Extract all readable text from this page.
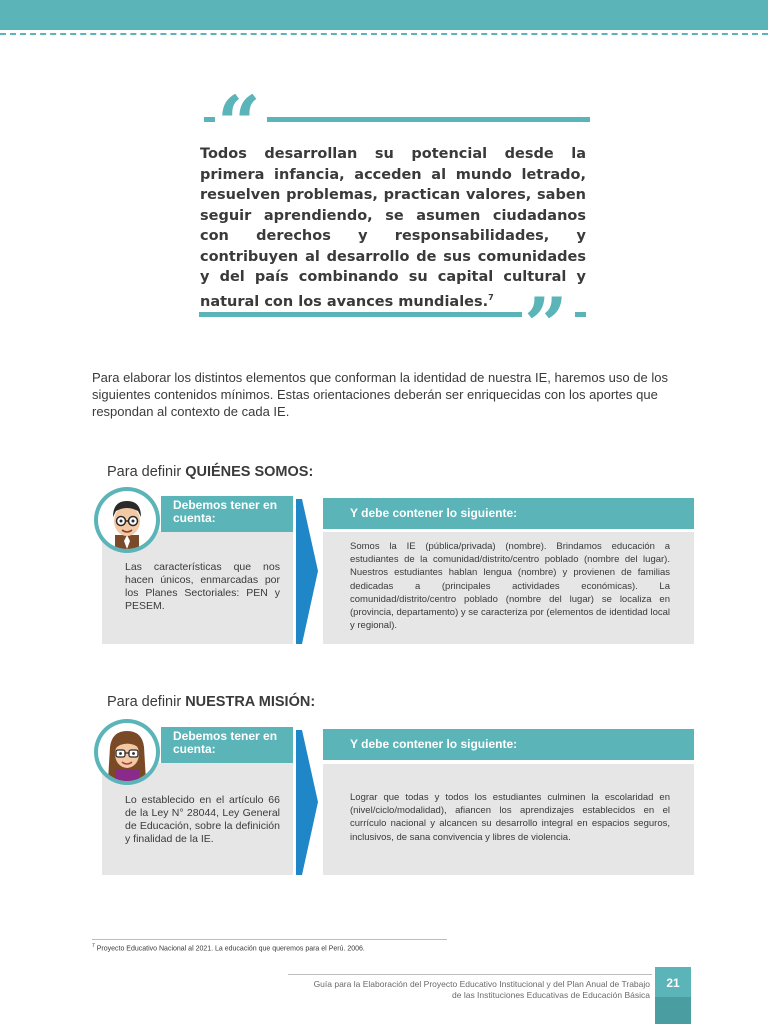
“

Todos desarrollan su potencial desde la primera infancia, acceden al mundo letrado, resuelven problemas, practican valores, saben seguir aprendiendo, se asumen ciudadanos con derechos y responsabilidades, y contribuyen al desarrollo de sus comunidades y del país combinando su capital cultural y natural con los avances mundiales.$^7$ ”

Para elaborar los distintos elementos que conforman la identidad de nuestra IE, haremos uso de los siguientes contenidos mínimos. Estas orientaciones deberán ser enriquecidas con los aportes que respondan al contexto de cada IE.

Para definir QUIÉNES SOMOS:

Debemos tener en cuenta:

Las características que nos hacen únicos, enmarcadas por los Planes Sectoriales: PEN y PESEM.

Y debe contener lo siguiente:

Somos la IE (pública/privada) (nombre). Brindamos educación a estudiantes de la comunidad/distrito/centro poblado (nombre del lugar). Nuestros estudiantes hablan lengua (nombre) y provienen de familias dedicadas a (principales actividades económicas). La comunidad/distrito/centro poblado (nombre del lugar) se localiza en (provincia, departamento) y se caracteriza por (elementos de identidad local y regional).

Para definir NUESTRA MISIÓN:

Debemos tener en cuenta:

Lo establecido en el artículo 66 de la Ley N° 28044, Ley General de Educación, sobre la definición y finalidad de la IE.

Y debe contener lo siguiente:

Lograr que todas y todos los estudiantes culminen la escolaridad en (nivel/ciclo/modalidad), afiancen los aprendizajes establecidos en el currículo nacional y alcancen su desarrollo integral en espacios seguros, inclusivos, de sana convivencia y libres de violencia.

$^7$ Proyecto Educativo Nacional al 2021. La educación que queremos para el Perú. 2006.

Guía para la Elaboración del Proyecto Educativo Institucional y del Plan Anual de Trabajo
de las Instituciones Educativas de Educación Básica

21
